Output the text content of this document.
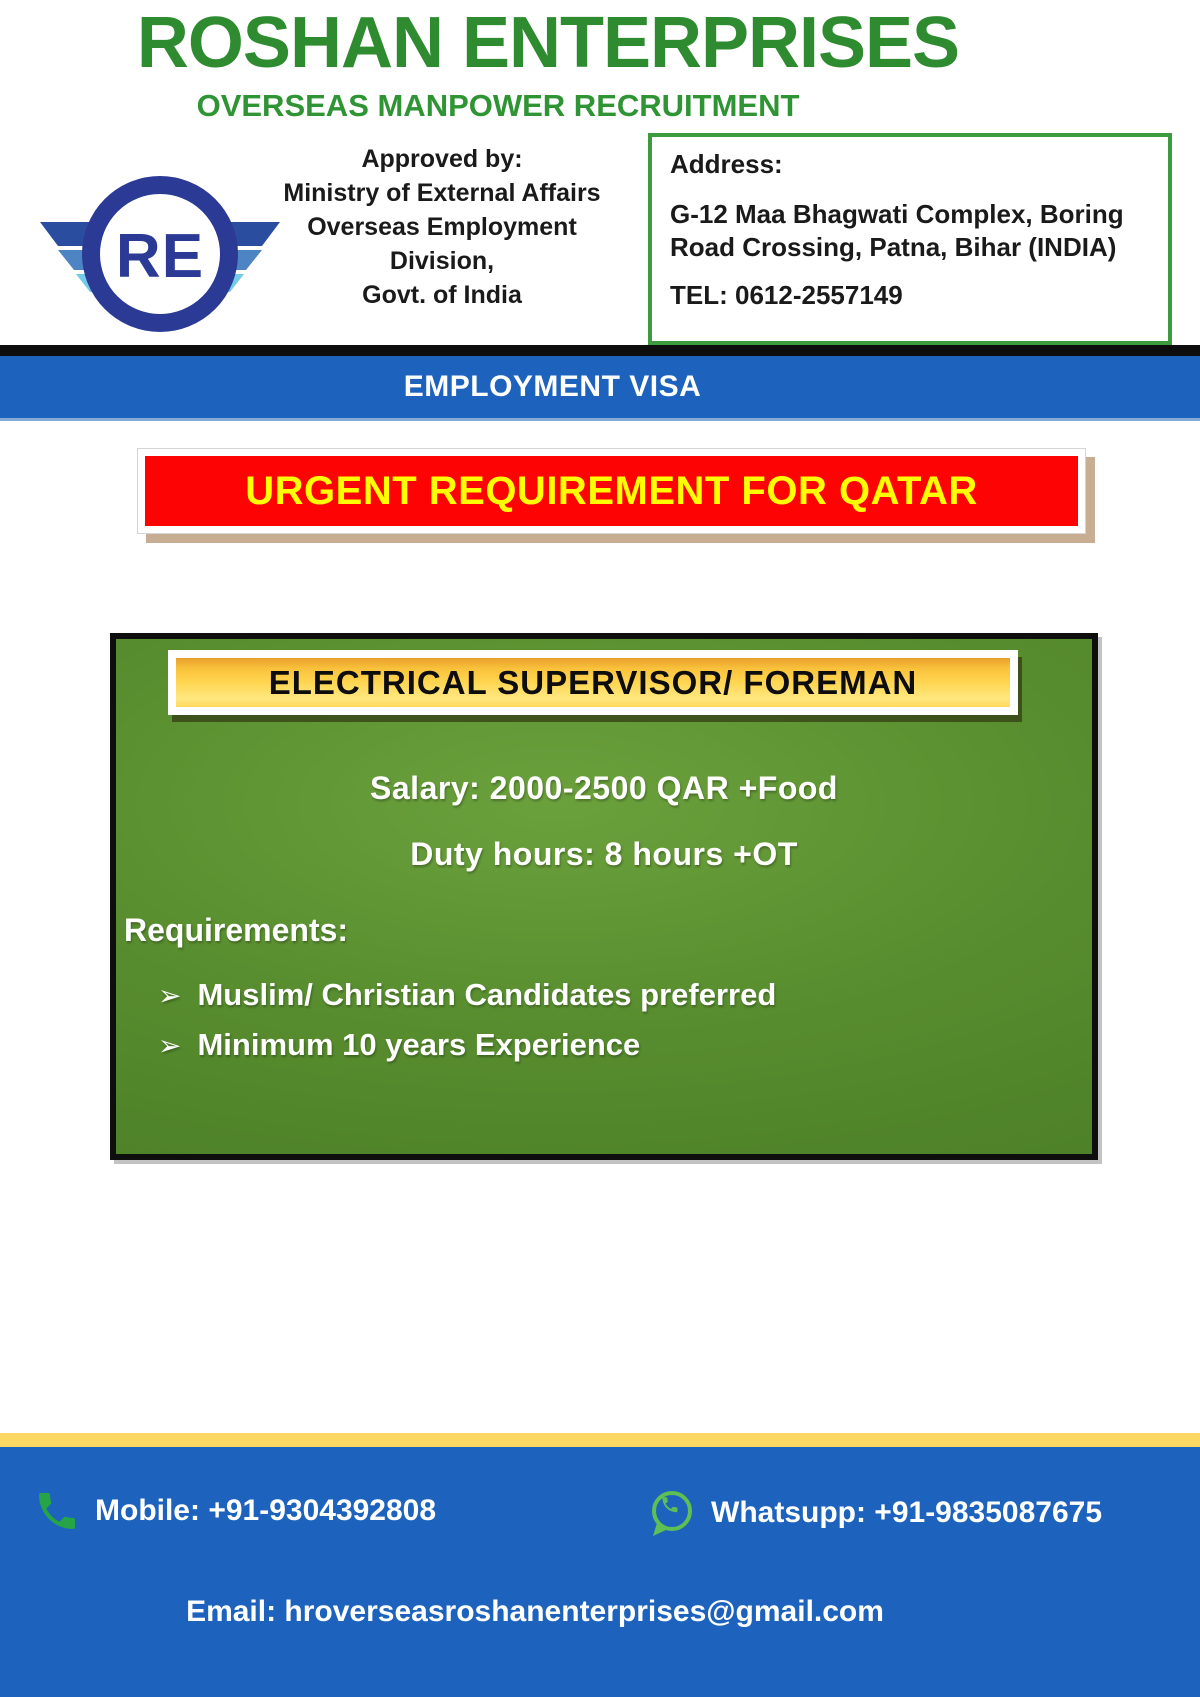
ROSHAN ENTERPRISES
OVERSEAS MANPOWER RECRUITMENT
RE
Approved by:
Ministry of External Affairs
Overseas Employment Division,
Govt. of India
Address:
G-12 Maa Bhagwati Complex, Boring Road Crossing, Patna, Bihar (INDIA)
TEL: 0612-2557149
EMPLOYMENT VISA
URGENT REQUIREMENT FOR QATAR
ELECTRICAL SUPERVISOR/ FOREMAN
Salary: 2000-2500 QAR +Food
Duty hours: 8 hours +OT
Requirements:
➢ Muslim/ Christian Candidates preferred
➢ Minimum 10 years Experience
Mobile: +91-9304392808	Whatsupp: +91-9835087675
Email: hroverseasroshanenterprises@gmail.com
